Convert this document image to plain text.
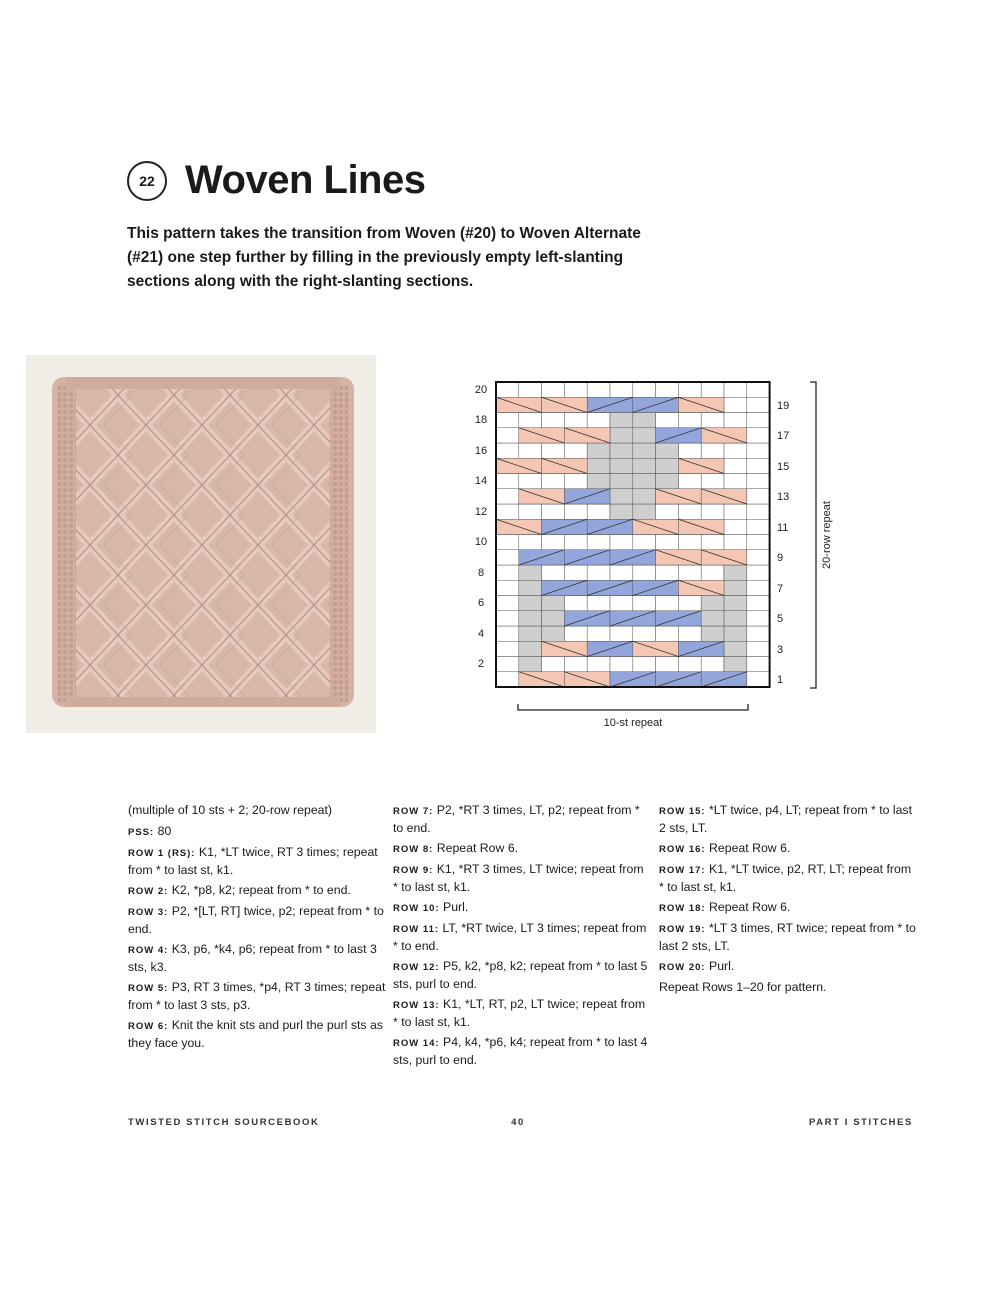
22 Woven Lines
This pattern takes the transition from Woven (#20) to Woven Alternate (#21) one step further by filling in the previously empty left-slanting sections along with the right-slanting sections.
20
18
16
14
12
10
8
6
4
2
19
17
15
13
11
9
7
5
3
1
20-row repeat
10-st repeat

(multiple of 10 sts + 2; 20-row repeat)

PSS: 80

ROW 1 (RS): K1, *LT twice, RT 3 times; repeat from * to last st, k1.

ROW 2: K2, *p8, k2; repeat from * to end.

ROW 3: P2, *[LT, RT] twice, p2; repeat from * to end.

ROW 4: K3, p6, *k4, p6; repeat from * to last 3 sts, k3.

ROW 5: P3, RT 3 times, *p4, RT 3 times; repeat from * to last 3 sts, p3.

ROW 6: Knit the knit sts and purl the purl sts as they face you.

ROW 7: P2, *RT 3 times, LT, p2; repeat from * to end.

ROW 8: Repeat Row 6.

ROW 9: K1, *RT 3 times, LT twice; repeat from * to last st, k1.

ROW 10: Purl.

ROW 11: LT, *RT twice, LT 3 times; repeat from * to end.

ROW 12: P5, k2, *p8, k2; repeat from * to last 5 sts, purl to end.

ROW 13: K1, *LT, RT, p2, LT twice; repeat from * to last st, k1.

ROW 14: P4, k4, *p6, k4; repeat from * to last 4 sts, purl to end.

ROW 15: *LT twice, p4, LT; repeat from * to last 2 sts, LT.

ROW 16: Repeat Row 6.

ROW 17: K1, *LT twice, p2, RT, LT; repeat from * to last st, k1.

ROW 18: Repeat Row 6.

ROW 19: *LT 3 times, RT twice; repeat from * to last 2 sts, LT.

ROW 20: Purl.

Repeat Rows 1–20 for pattern.

TWISTED STITCH SOURCEBOOK	40	PART I STITCHES
